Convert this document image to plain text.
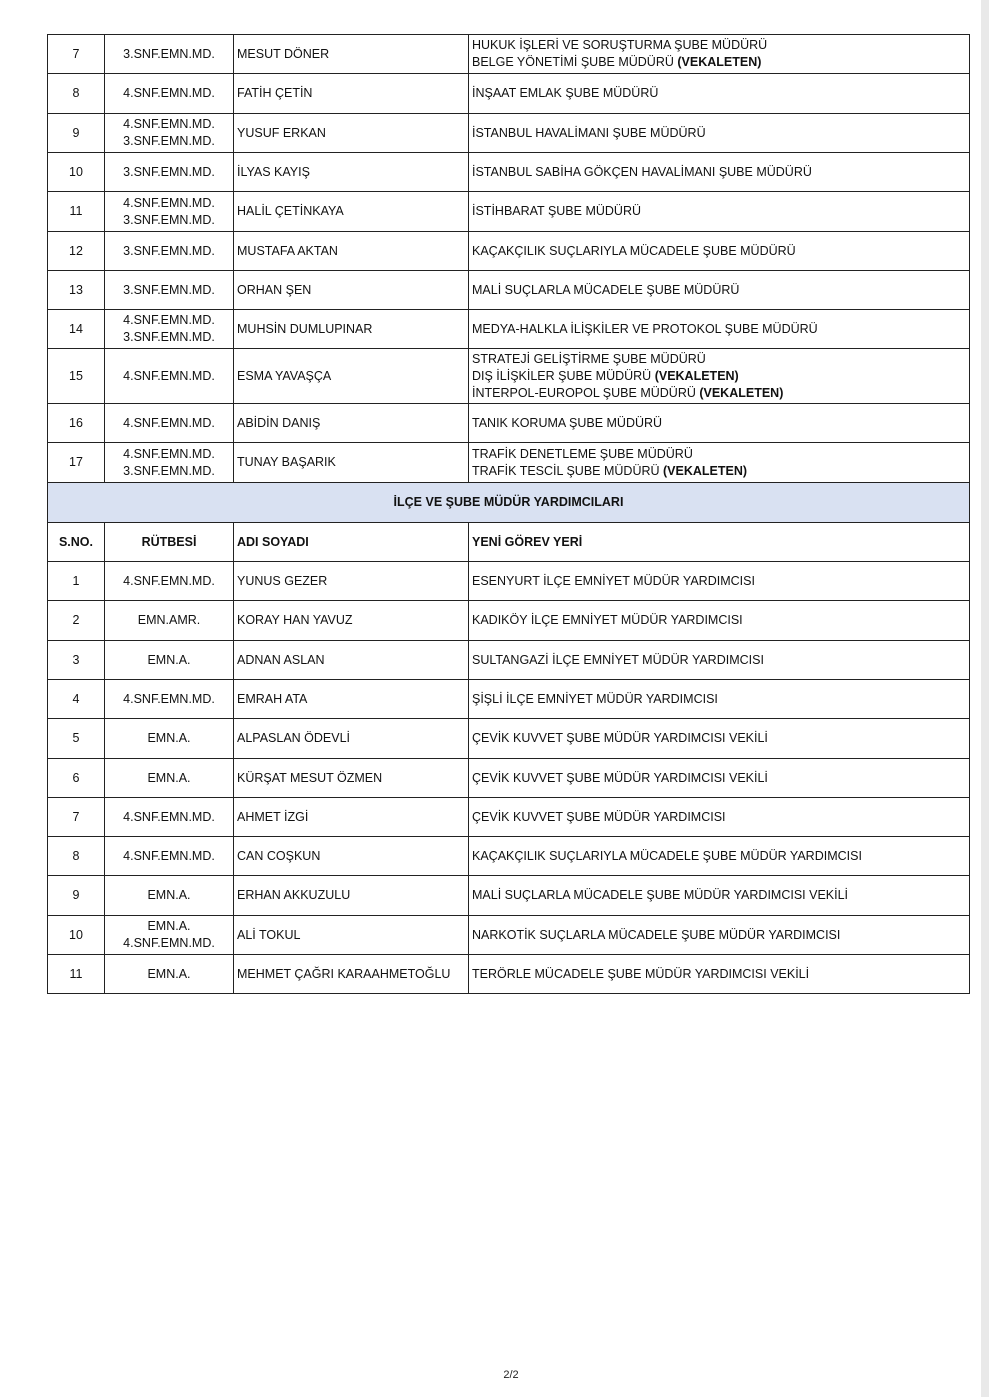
7	3.SNF.EMN.MD.	MESUT DÖNER	HUKUK İŞLERİ VE SORUŞTURMA ŞUBE MÜDÜRÜ
BELGE YÖNETİMİ ŞUBE MÜDÜRÜ (VEKALETEN)

8	4.SNF.EMN.MD.	FATİH ÇETİN	İNŞAAT EMLAK ŞUBE MÜDÜRÜ

9	4.SNF.EMN.MD.
3.SNF.EMN.MD.	YUSUF ERKAN	İSTANBUL HAVALİMANI ŞUBE MÜDÜRÜ

10	3.SNF.EMN.MD.	İLYAS KAYIŞ	İSTANBUL SABİHA GÖKÇEN HAVALİMANI ŞUBE MÜDÜRÜ

11	4.SNF.EMN.MD.
3.SNF.EMN.MD.	HALİL ÇETİNKAYA	İSTİHBARAT ŞUBE MÜDÜRÜ

12	3.SNF.EMN.MD.	MUSTAFA AKTAN	KAÇAKÇILIK SUÇLARIYLA MÜCADELE ŞUBE MÜDÜRÜ

13	3.SNF.EMN.MD.	ORHAN ŞEN	MALİ SUÇLARLA MÜCADELE ŞUBE MÜDÜRÜ

14	4.SNF.EMN.MD.
3.SNF.EMN.MD.	MUHSİN DUMLUPINAR	MEDYA-HALKLA İLİŞKİLER VE PROTOKOL ŞUBE MÜDÜRÜ

15	4.SNF.EMN.MD.	ESMA YAVAŞÇA	STRATEJİ GELİŞTİRME ŞUBE MÜDÜRÜ
DIŞ İLİŞKİLER ŞUBE MÜDÜRÜ (VEKALETEN)
İNTERPOL-EUROPOL ŞUBE MÜDÜRÜ (VEKALETEN)

16	4.SNF.EMN.MD.	ABİDİN DANIŞ	TANIK KORUMA ŞUBE MÜDÜRÜ

17	4.SNF.EMN.MD.
3.SNF.EMN.MD.	TUNAY BAŞARIK	TRAFİK DENETLEME ŞUBE MÜDÜRÜ
TRAFİK TESCİL ŞUBE MÜDÜRÜ (VEKALETEN)

İLÇE VE ŞUBE MÜDÜR YARDIMCILARI			
S.NO.	RÜTBESİ	ADI SOYADI	YENİ GÖREV YERİ
1	4.SNF.EMN.MD.	YUNUS GEZER	ESENYURT İLÇE EMNİYET MÜDÜR YARDIMCISI

2	EMN.AMR.	KORAY HAN YAVUZ	KADIKÖY İLÇE EMNİYET MÜDÜR YARDIMCISI

3	EMN.A.	ADNAN ASLAN	SULTANGAZİ İLÇE EMNİYET MÜDÜR YARDIMCISI

4	4.SNF.EMN.MD.	EMRAH ATA	ŞİŞLİ İLÇE EMNİYET MÜDÜR YARDIMCISI

5	EMN.A.	ALPASLAN ÖDEVLİ	ÇEVİK KUVVET ŞUBE MÜDÜR YARDIMCISI VEKİLİ

6	EMN.A.	KÜRŞAT MESUT ÖZMEN	ÇEVİK KUVVET ŞUBE MÜDÜR YARDIMCISI VEKİLİ

7	4.SNF.EMN.MD.	AHMET İZGİ	ÇEVİK KUVVET ŞUBE MÜDÜR YARDIMCISI

8	4.SNF.EMN.MD.	CAN COŞKUN	KAÇAKÇILIK SUÇLARIYLA MÜCADELE ŞUBE MÜDÜR YARDIMCISI

9	EMN.A.	ERHAN AKKUZULU	MALİ SUÇLARLA MÜCADELE ŞUBE MÜDÜR YARDIMCISI VEKİLİ

10	EMN.A.
4.SNF.EMN.MD.	ALİ TOKUL	NARKOTİK SUÇLARLA MÜCADELE ŞUBE MÜDÜR YARDIMCISI

11	EMN.A.	MEHMET ÇAĞRI KARAAHMETOĞLU	TERÖRLE MÜCADELE ŞUBE MÜDÜR YARDIMCISI VEKİLİ
2/2
